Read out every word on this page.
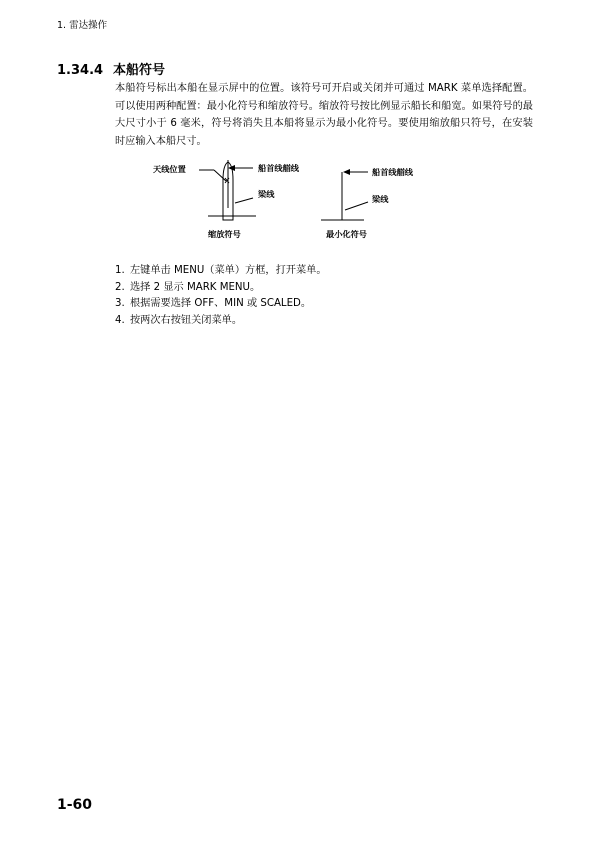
1. 雷达操作
1.34.4 本船符号

本船符号标出本船在显示屏中的位置。该符号可开启或关闭并可通过 MARK 菜单选择配置。可以使用两种配置：最小化符号和缩放符号。缩放符号按比例显示船长和船宽。如果符号的最大尺寸小于 6 毫米，符号将消失且本船将显示为最小化符号。要使用缩放船只符号，在安装时应输入本船尺寸。

天线位置	船首线艏线
梁线
缩放符号
船首线艏线
梁线
最小化符号
1. 左键单击 MENU（菜单）方框，打开菜单。
2. 选择 2 显示 MARK MENU。
3. 根据需要选择 OFF、MIN 或 SCALED。
4. 按两次右按钮关闭菜单。
1-60
